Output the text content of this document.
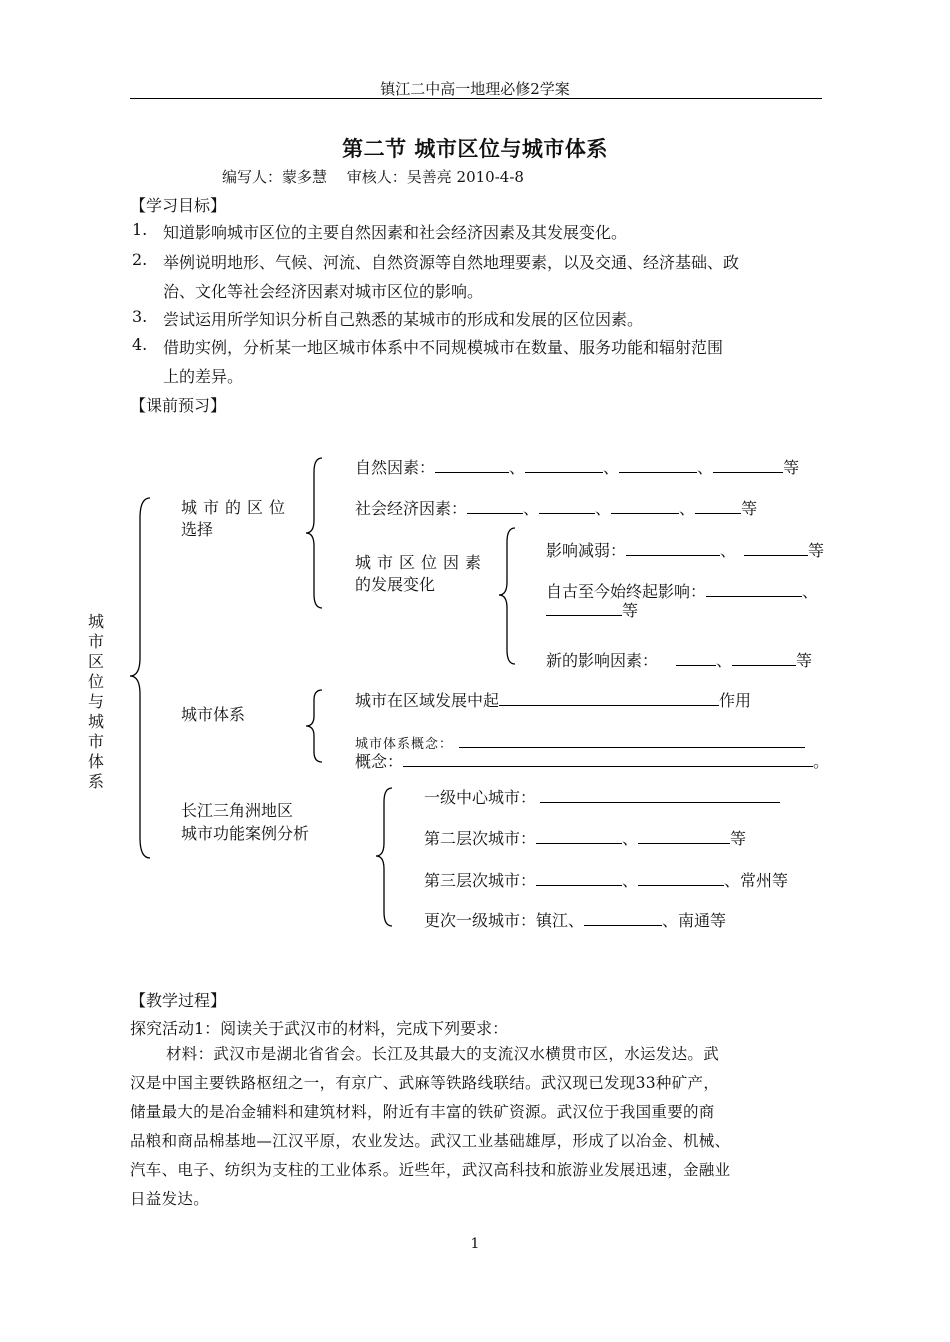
镇江二中高一地理必修2学案
第二节 城市区位与城市体系
编写人：蒙多慧　 审核人：吴善亮 2010-4-8
【学习目标】
1. 知道影响城市区位的主要自然因素和社会经济因素及其发展变化。
2. 举例说明地形、气候、河流、自然资源等自然地理要素，以及交通、经济基础、政
治、文化等社会经济因素对城市区位的影响。
3. 尝试运用所学知识分析自己熟悉的某城市的形成和发展的区位因素。
4. 借助实例，分析某一地区城市体系中不同规模城市在数量、服务功能和辐射范围
上的差异。
【课前预习】
城市区位与城市体系
城市的区位
选择
自然因素：	、	、	、	等
社会经济因素：	、	、	、	等
城市区位因素
的发展变化
影响减弱：	、	等
自古至今始终起影响：	、
等
新的影响因素：	、	等
城市体系
城市在区域发展中起	作用
城市体系概念：
概念：	。
长江三角洲地区
城市功能案例分析
一级中心城市：
第二层次城市：	、	等
第三层次城市：	、	、常州等
更次一级城市：镇江、	、南通等
【教学过程】
探究活动1：阅读关于武汉市的材料，完成下列要求：
材料：武汉市是湖北省省会。长江及其最大的支流汉水横贯市区，水运发达。武
汉是中国主要铁路枢纽之一，有京广、武麻等铁路线联结。武汉现已发现33种矿产，
储量最大的是冶金辅料和建筑材料，附近有丰富的铁矿资源。武汉位于我国重要的商
品粮和商品棉基地—江汉平原，农业发达。武汉工业基础雄厚，形成了以冶金、机械、
汽车、电子、纺织为支柱的工业体系。近些年，武汉高科技和旅游业发展迅速，金融业
日益发达。
1
